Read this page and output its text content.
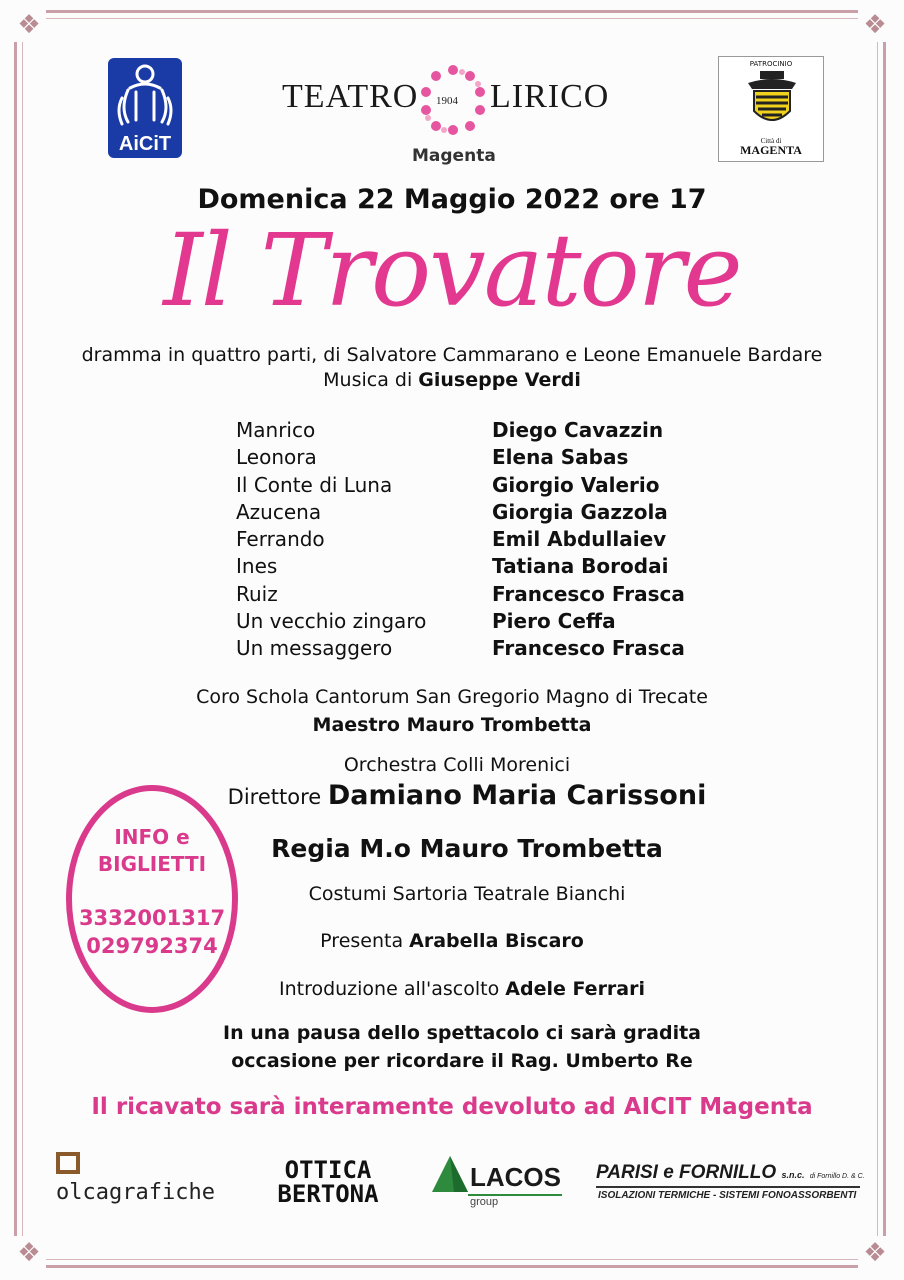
❖	❖
❖	❖
AiCiT
TEATRO 1904 LIRICO
Magenta
PATROCINIO
Città di
MAGENTA
Domenica 22 Maggio 2022 ore 17
Il Trovatore
dramma in quattro parti, di Salvatore Cammarano e Leone Emanuele Bardare
Musica di Giuseppe Verdi
Manrico	Diego Cavazzin
Leonora	Elena Sabas
Il Conte di Luna	Giorgio Valerio
Azucena	Giorgia Gazzola
Ferrando	Emil Abdullaiev
Ines	Tatiana Borodai
Ruiz	Francesco Frasca
Un vecchio zingaro	Piero Ceffa
Un messaggero	Francesco Frasca
Coro Schola Cantorum San Gregorio Magno di Trecate
Maestro Mauro Trombetta
Orchestra Colli Morenici
Direttore Damiano Maria Carissoni
Regia M.o Mauro Trombetta
Costumi Sartoria Teatrale Bianchi
Presenta Arabella Biscaro
Introduzione all'ascolto Adele Ferrari
In una pausa dello spettacolo ci sarà gradita
occasione per ricordare il Rag. Umberto Re
Il ricavato sarà interamente devoluto ad AICIT Magenta
INFO e
BIGLIETTI
3332001317
029792374
olcagrafiche
OTTICA
BERTONA
LACOS
group
PARISI e FORNILLO s.n.c. di Fornillo D. & C.
ISOLAZIONI TERMICHE - SISTEMI FONOASSORBENTI
